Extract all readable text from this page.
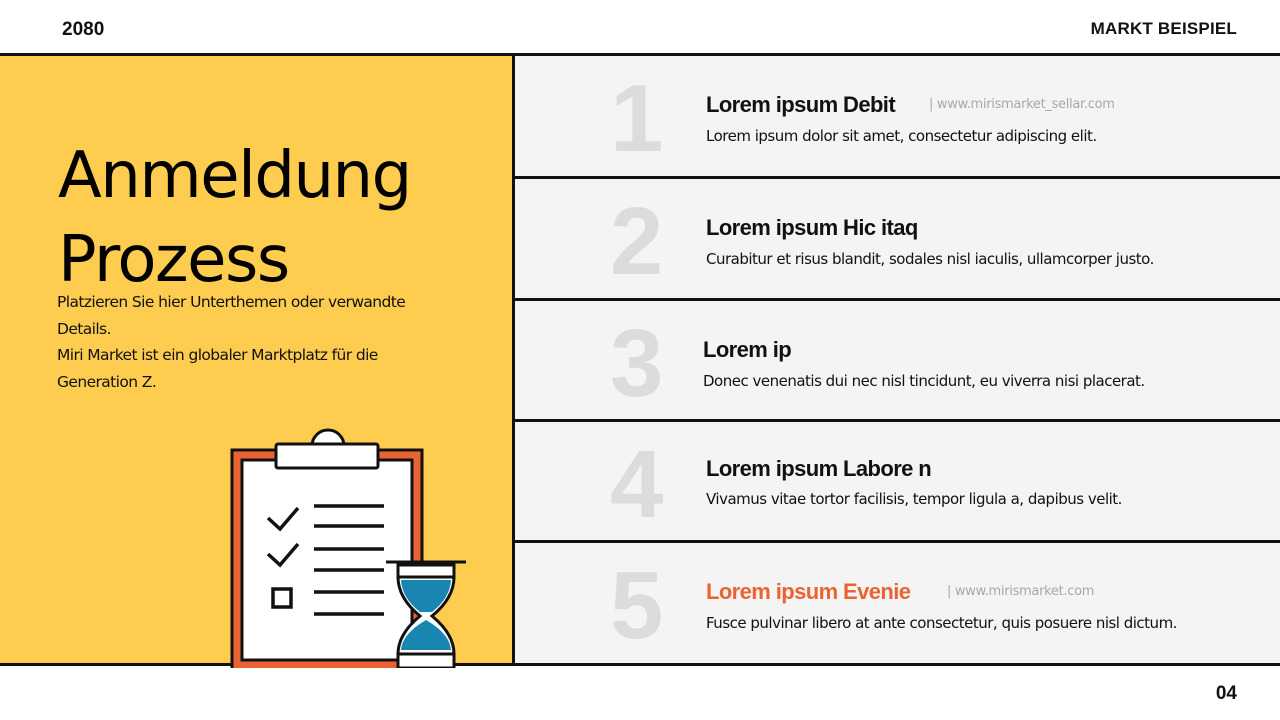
2080	MARKT BEISPIEL
Anmeldung
Prozess
Platzieren Sie hier Unterthemen oder verwandte
Details.
Miri Market ist ein globaler Marktplatz für die
Generation Z.
1 Lorem ipsum Debit	| www.mirismarket_sellar.com
Lorem ipsum dolor sit amet, consectetur adipiscing elit.
2 Lorem ipsum Hic itaq
Curabitur et risus blandit, sodales nisl iaculis, ullamcorper justo.
3 Lorem ip
Donec venenatis dui nec nisl tincidunt, eu viverra nisi placerat.
4 Lorem ipsum Labore n
Vivamus vitae tortor facilisis, tempor ligula a, dapibus velit.
5 Lorem ipsum Evenie	| www.mirismarket.com
Fusce pulvinar libero at ante consectetur, quis posuere nisl dictum.
04
